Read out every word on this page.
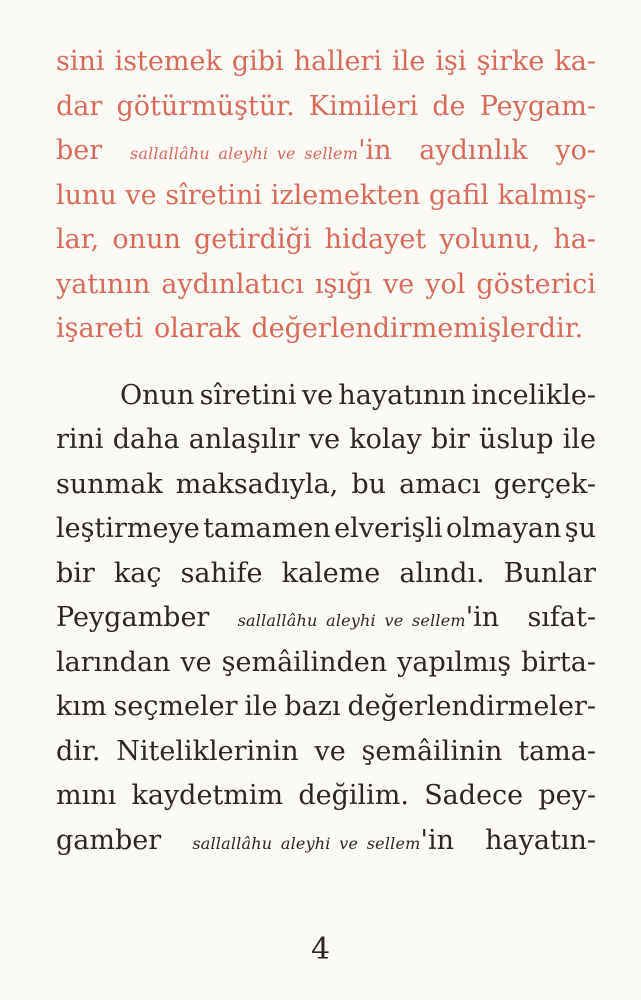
sini istemek gibi halleri ile işi şirke ka-
dar götürmüştür. Kimileri de Peygam-
ber sallallâhu aleyhi ve sellem'in aydınlık yo-
lunu ve sîretini izlemekten gafil kalmış-
lar, onun getirdiği hidayet yolunu, ha-
yatının aydınlatıcı ışığı ve yol gösterici
işareti olarak değerlendirmemişlerdir.
Onun sîretini ve hayatının incelikle-
rini daha anlaşılır ve kolay bir üslup ile
sunmak maksadıyla, bu amacı gerçek-
leştirmeye tamamen elverişli olmayan şu
bir kaç sahife kaleme alındı. Bunlar
Peygamber sallallâhu aleyhi ve sellem'in sıfat-
larından ve şemâilinden yapılmış birta-
kım seçmeler ile bazı değerlendirmeler-
dir. Niteliklerinin ve şemâilinin tama-
mını kaydetmim değilim. Sadece pey-
gamber sallallâhu aleyhi ve sellem'in hayatın-
4
